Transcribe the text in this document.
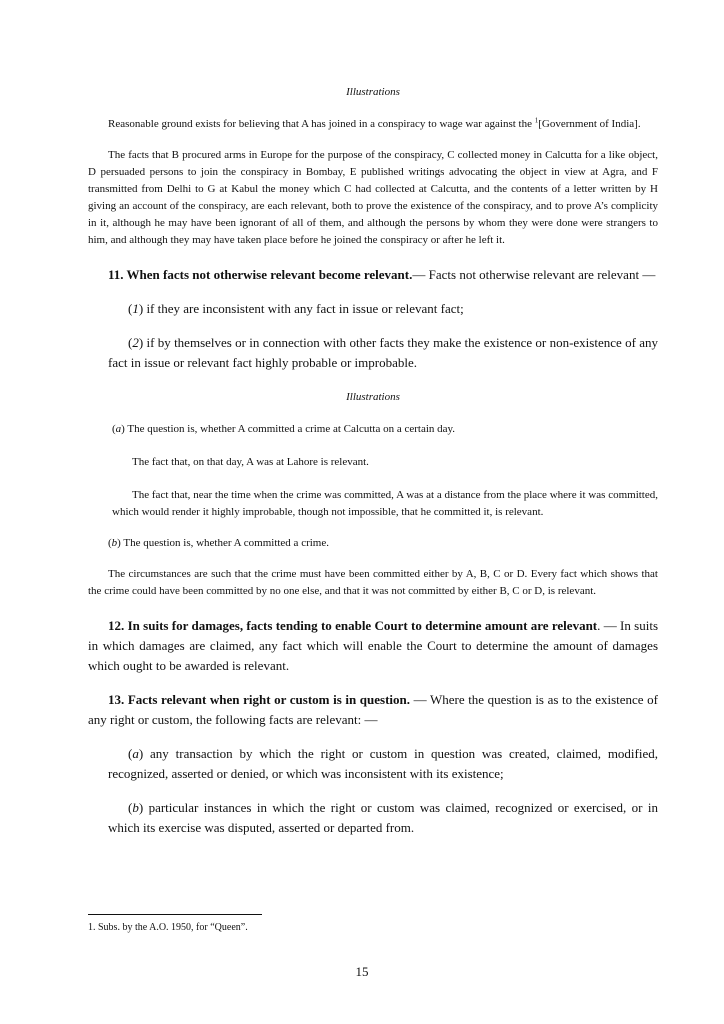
Illustrations

Reasonable ground exists for believing that A has joined in a conspiracy to wage war against the $^1$[Government of India].

The facts that B procured arms in Europe for the purpose of the conspiracy, C collected money in Calcutta for a like object, D persuaded persons to join the conspiracy in Bombay, E published writings advocating the object in view at Agra, and F transmitted from Delhi to G at Kabul the money which C had collected at Calcutta, and the contents of a letter written by H giving an account of the conspiracy, are each relevant, both to prove the existence of the conspiracy, and to prove A’s complicity in it, although he may have been ignorant of all of them, and although the persons by whom they were done were strangers to him, and although they may have taken place before he joined the conspiracy or after he left it.

11. When facts not otherwise relevant become relevant.— Facts not otherwise relevant are relevant —

(1) if they are inconsistent with any fact in issue or relevant fact;

(2) if by themselves or in connection with other facts they make the existence or non-existence of any fact in issue or relevant fact highly probable or improbable.

Illustrations

(a) The question is, whether A committed a crime at Calcutta on a certain day.

The fact that, on that day, A was at Lahore is relevant.

The fact that, near the time when the crime was committed, A was at a distance from the place where it was committed, which would render it highly improbable, though not impossible, that he committed it, is relevant.

(b) The question is, whether A committed a crime.

The circumstances are such that the crime must have been committed either by A, B, C or D. Every fact which shows that the crime could have been committed by no one else, and that it was not committed by either B, C or D, is relevant.

12. In suits for damages, facts tending to enable Court to determine amount are relevant. — In suits in which damages are claimed, any fact which will enable the Court to determine the amount of damages which ought to be awarded is relevant.

13. Facts relevant when right or custom is in question. — Where the question is as to the existence of any right or custom, the following facts are relevant: —

(a) any transaction by which the right or custom in question was created, claimed, modified, recognized, asserted or denied, or which was inconsistent with its existence;

(b) particular instances in which the right or custom was claimed, recognized or exercised, or in which its exercise was disputed, asserted or departed from.

1. Subs. by the A.O. 1950, for “Queen”.
15
